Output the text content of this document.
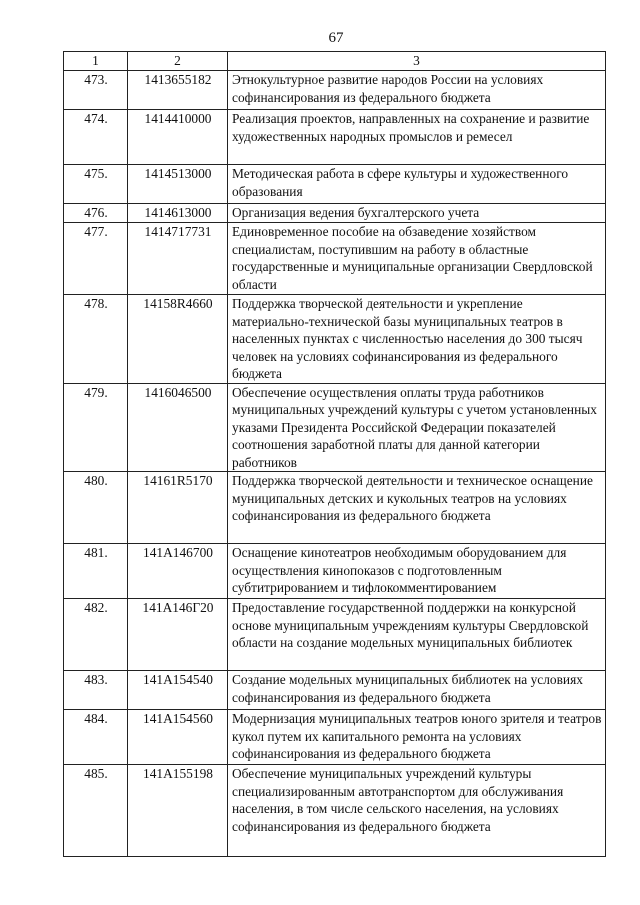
67
1	2	3
473.	1413655182	Этнокультурное развитие народов России на условиях софинансирования из федерального бюджета
474.	1414410000	Реализация проектов, направленных на сохранение и развитие художественных народных промыслов и ремесел
475.	1414513000	Методическая работа в сфере культуры и художественного образования
476.	1414613000	Организация ведения бухгалтерского учета
477.	1414717731	Единовременное пособие на обзаведение хозяйством специалистам, поступившим на работу в областные государственные и муниципальные организации Свердловской области
478.	14158R4660	Поддержка творческой деятельности и укрепление материально-технической базы муниципальных театров в населенных пунктах с численностью населения до 300 тысяч человек на условиях софинансирования из федерального бюджета
479.	1416046500	Обеспечение осуществления оплаты труда работников муниципальных учреждений культуры с учетом установленных указами Президента Российской Федерации показателей соотношения заработной платы для данной категории работников
480.	14161R5170	Поддержка творческой деятельности и техническое оснащение муниципальных детских и кукольных театров на условиях софинансирования из федерального бюджета
481.	141A146700	Оснащение кинотеатров необходимым оборудованием для осуществления кинопоказов с подготовленным субтитрированием и тифлокомментированием
482.	141A146Г20	Предоставление государственной поддержки на конкурсной основе муниципальным учреждениям культуры Свердловской области на создание модельных муниципальных библиотек
483.	141A154540	Создание модельных муниципальных библиотек на условиях софинансирования из федерального бюджета
484.	141A154560	Модернизация муниципальных театров юного зрителя и театров кукол путем их капитального ремонта на условиях софинансирования из федерального бюджета
485.	141A155198	Обеспечение муниципальных учреждений культуры специализированным автотранспортом для обслуживания населения, в том числе сельского населения, на условиях софинансирования из федерального бюджета
